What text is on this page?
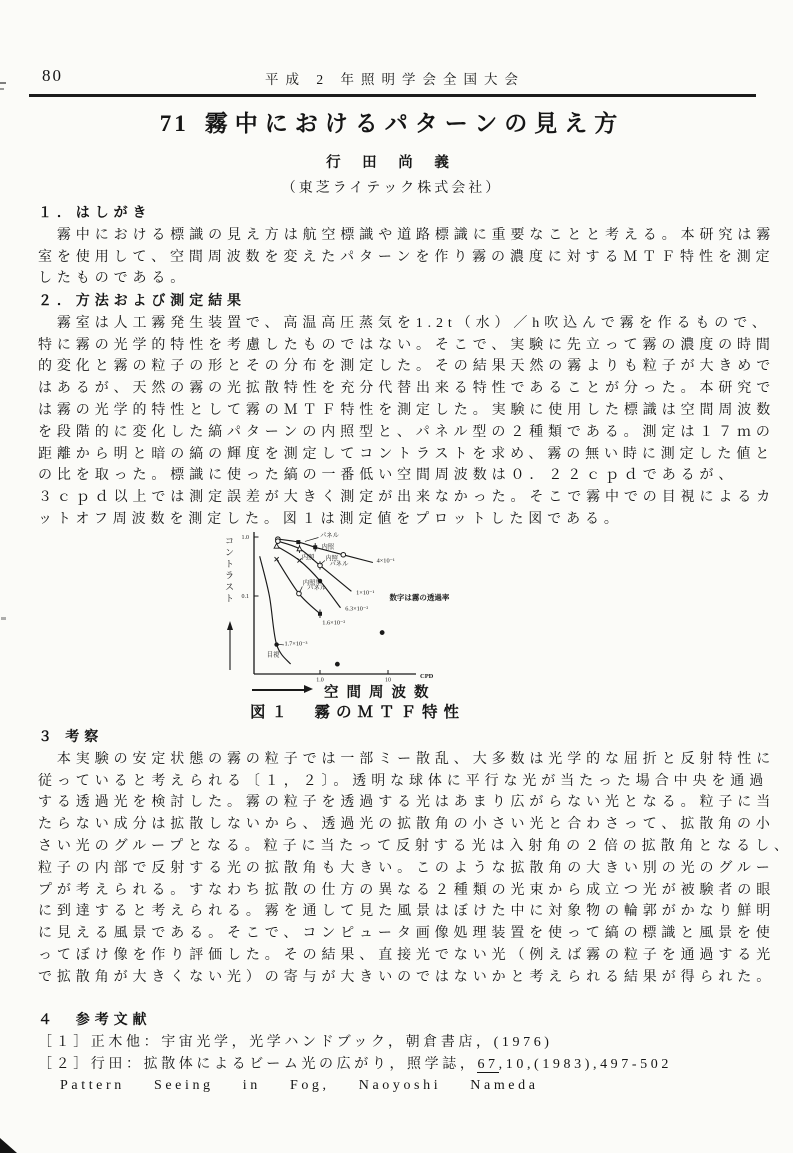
80	平成 2 年照明学会全国大会
71 霧中におけるパターンの見え方
行 田 尚 義
（東芝ライテック株式会社）
１．はしがき
　霧中における標識の見え方は航空標識や道路標識に重要なことと考える。本研究は霧
室を使用して、空間周波数を変えたパターンを作り霧の濃度に対するＭＴＦ特性を測定
したものである。
２．方法および測定結果
　霧室は人工霧発生装置で、高温高圧蒸気を1.2t（水）／h吹込んで霧を作るもので、
特に霧の光学的特性を考慮したものではない。そこで、実験に先立って霧の濃度の時間
的変化と霧の粒子の形とその分布を測定した。その結果天然の霧よりも粒子が大きめで
はあるが、天然の霧の光拡散特性を充分代替出来る特性であることが分った。本研究で
は霧の光学的特性として霧のＭＴＦ特性を測定した。実験に使用した標識は空間周波数
を段階的に変化した縞パターンの内照型と、パネル型の２種類である。測定は１７ｍの
距離から明と暗の縞の輝度を測定してコントラストを求め、霧の無い時に測定した値と
の比を取った。標識に使った縞の一番低い空間周波数は０．２２ｃｐｄであるが、
３ｃｐｄ以上では測定誤差が大きく測定が出来なかった。そこで霧中での目視によるカ
ットオフ周波数を測定した。図１は測定値をプロットした図である。
1.0	10
1.0
0.1
CPD
コ
ン
ト
ラ
ス
ト
パネル
内照
内照
パネル
内照
内照型
パネル
4×10⁻¹
1×10⁻¹
6.3×10⁻²
1.6×10⁻²
1.7×10⁻³
目視
数字は霧の透過率
空間周波数
図１　霧のＭＴＦ特性
３ 考察
　本実験の安定状態の霧の粒子では一部ミー散乱、大多数は光学的な屈折と反射特性に
従っていると考えられる〔１，２〕。透明な球体に平行な光が当たった場合中央を通過
する透過光を検討した。霧の粒子を透過する光はあまり広がらない光となる。粒子に当
たらない成分は拡散しないから、透過光の拡散角の小さい光と合わさって、拡散角の小
さい光のグループとなる。粒子に当たって反射する光は入射角の２倍の拡散角となるし、
粒子の内部で反射する光の拡散角も大きい。このような拡散角の大きい別の光のグルー
プが考えられる。すなわち拡散の仕方の異なる２種類の光束から成立つ光が被験者の眼
に到達すると考えられる。霧を通して見た風景はぼけた中に対象物の輪郭がかなり鮮明
に見える風景である。そこで、コンピュータ画像処理装置を使って縞の標識と風景を使
ってぼけ像を作り評価した。その結果、直接光でない光（例えば霧の粒子を通過する光
で拡散角が大きくない光）の寄与が大きいのではないかと考えられる結果が得られた。
４　参考文献
［１］正木他：宇宙光学，光学ハンドブック，朝倉書店，(1976)
［２］行田：拡散体によるビーム光の広がり，照学誌，67,10,(1983),497-502
Pattern Seeing in Fog, Naoyoshi Nameda
